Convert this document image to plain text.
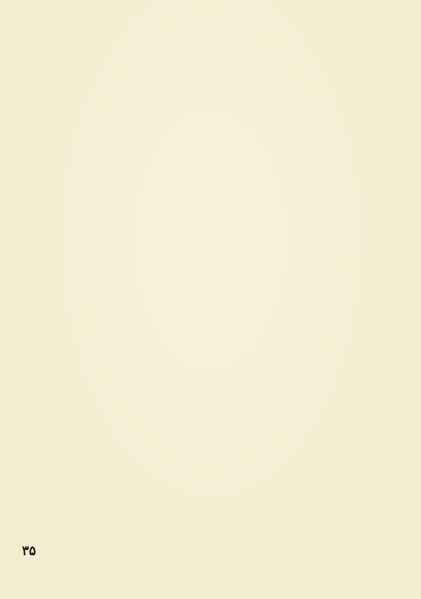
۳۵
